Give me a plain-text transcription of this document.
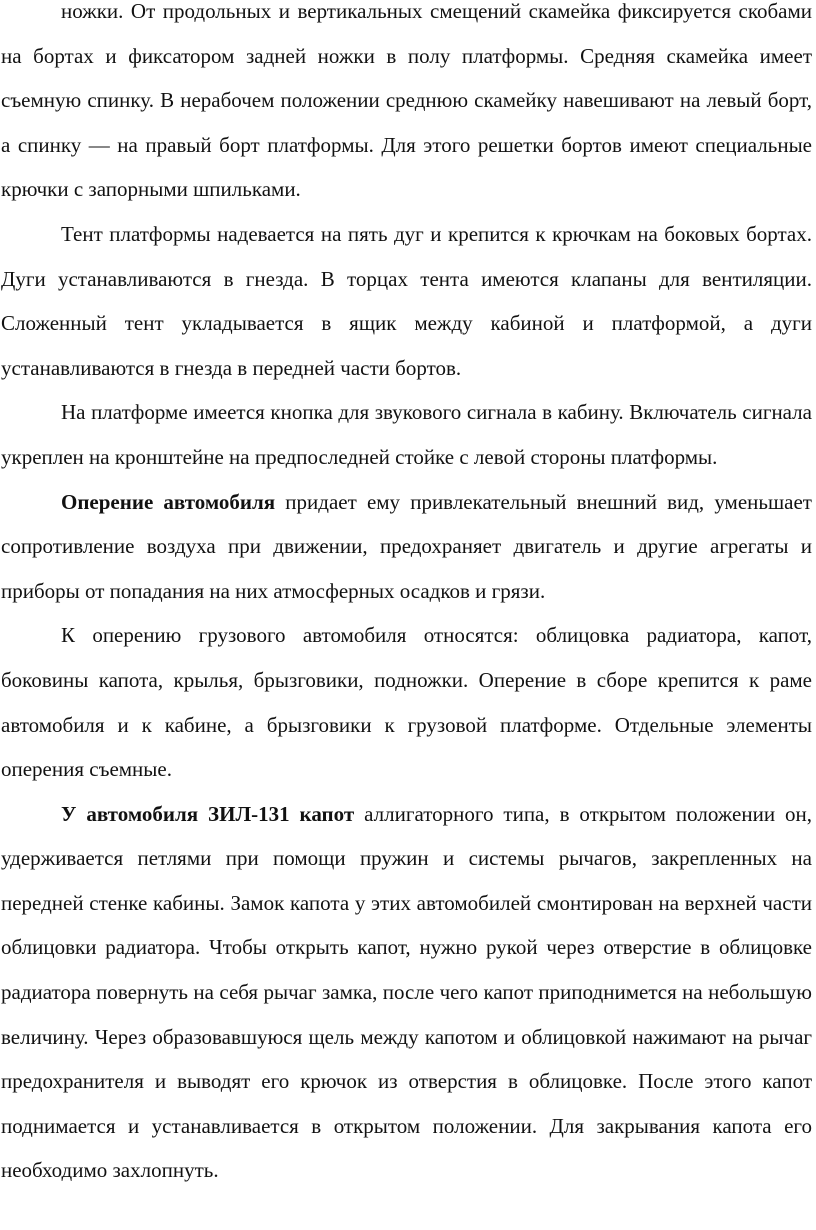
ножки. От продольных и вертикальных смещений скамейка фиксируется скобами на бортах и фиксатором задней ножки в полу платформы. Средняя скамейка имеет съемную спинку. В нерабочем положении среднюю скамейку навешивают на левый борт, а спинку — на правый борт платформы. Для этого решетки бортов имеют специальные крючки с запорными шпильками.

Тент платформы надевается на пять дуг и крепится к крючкам на боковых бортах. Дуги устанавливаются в гнезда. В торцах тента имеются клапаны для вентиляции. Сложенный тент укладывается в ящик между кабиной и платформой, а дуги устанавливаются в гнезда в передней части бортов.

На платформе имеется кнопка для звукового сигнала в кабину. Включатель сигнала укреплен на кронштейне на предпоследней стойке с левой стороны платформы.

Оперение автомобиля придает ему привлекательный внешний вид, уменьшает сопротивление воздуха при движении, предохраняет двигатель и другие агрегаты и приборы от попадания на них атмосферных осадков и грязи.

К оперению грузового автомобиля относятся: облицовка радиатора, капот, боковины капота, крылья, брызговики, подножки. Оперение в сборе крепится к раме автомобиля и к кабине, а брызговики к грузовой платформе. Отдельные элементы оперения съемные.

У автомобиля ЗИЛ-131 капот аллигаторного типа, в открытом положении он, удерживается петлями при помощи пружин и системы рычагов, закрепленных на передней стенке кабины. Замок капота у этих автомобилей смонтирован на верхней части облицовки радиатора. Чтобы открыть капот, нужно рукой через отверстие в облицовке радиатора повернуть на себя рычаг замка, после чего капот приподнимется на небольшую величину. Через образовавшуюся щель между капотом и облицовкой нажимают на рычаг предохранителя и выводят его крючок из отверстия в облицовке. После этого капот поднимается и устанавливается в открытом положении. Для закрывания капота его необходимо захлопнуть.
